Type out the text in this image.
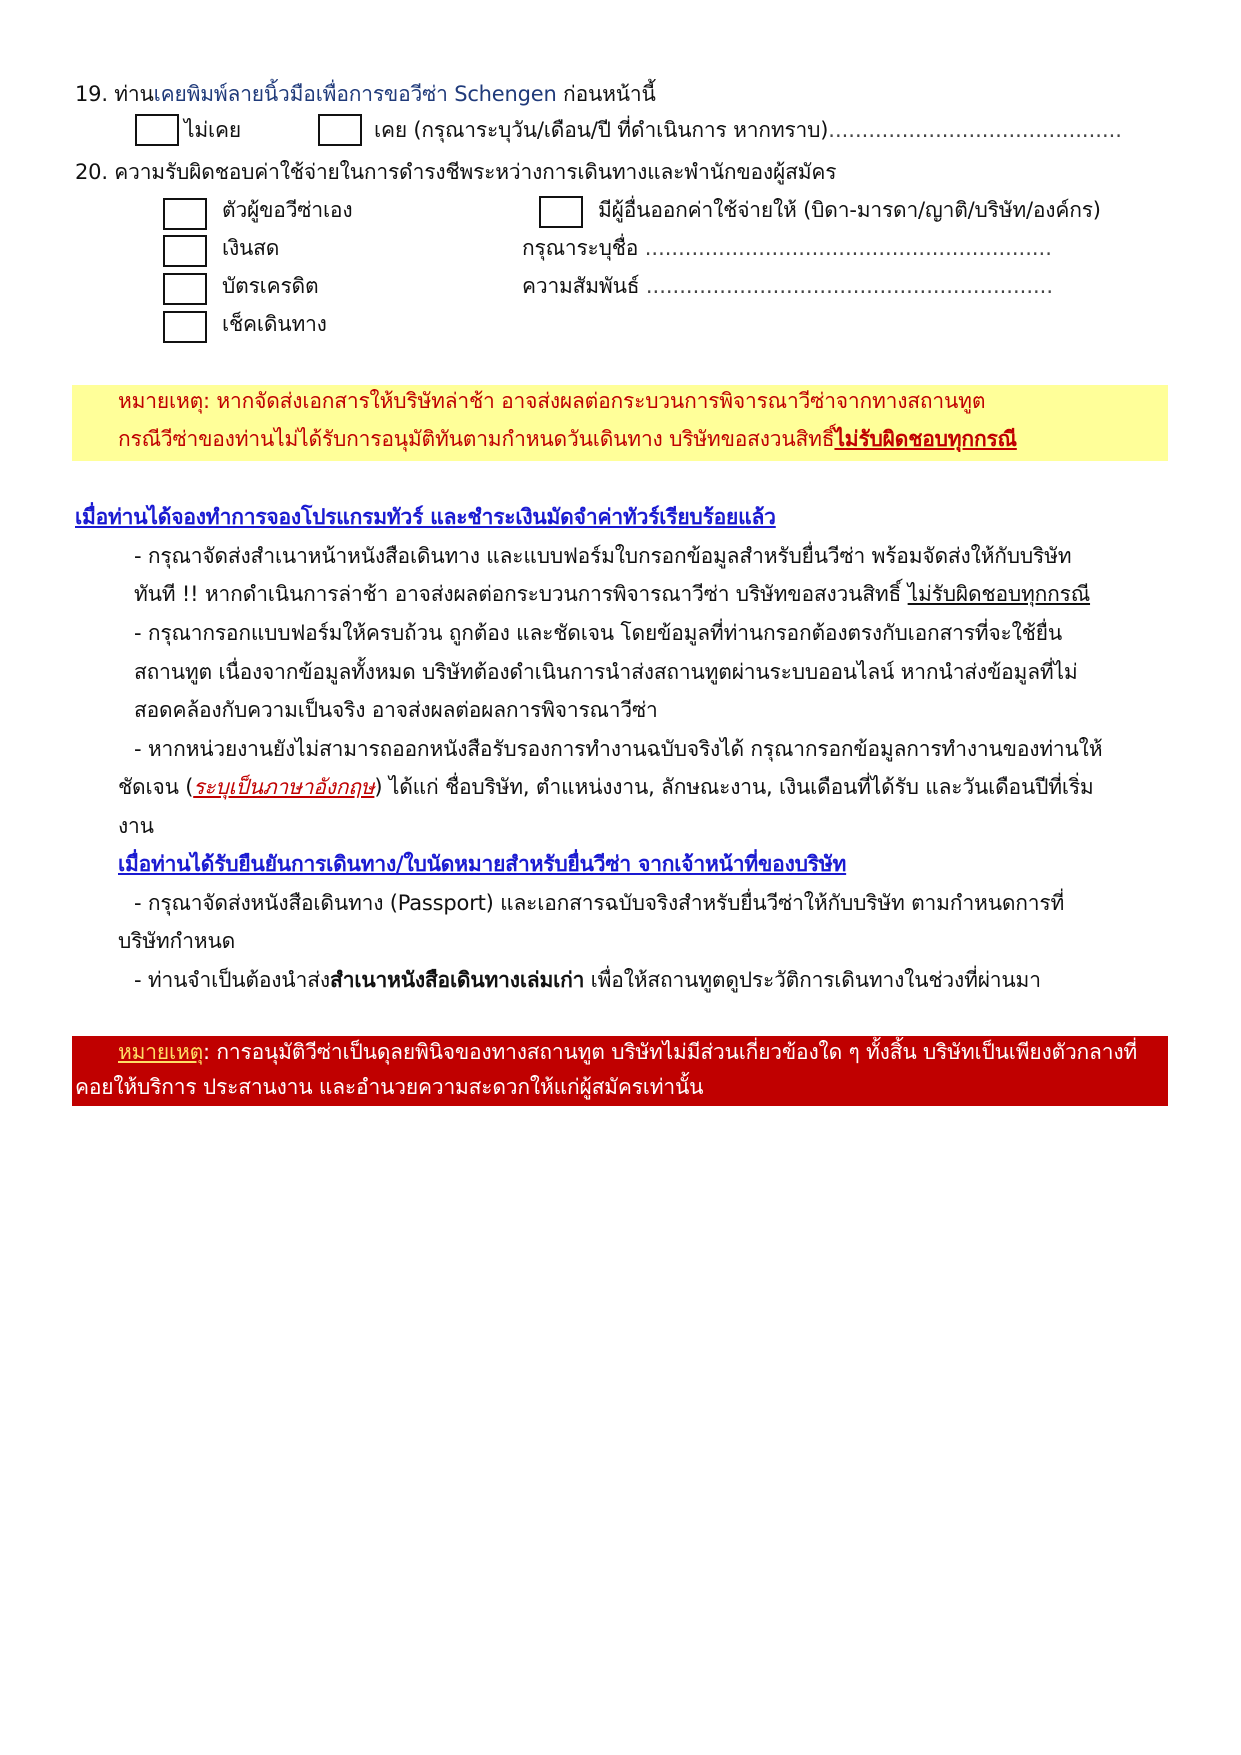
19. ท่านเคยพิมพ์ลายนิ้วมือเพื่อการขอวีซ่า Schengen ก่อนหน้านี้
ไม่เคย	เคย (กรุณาระบุวัน/เดือน/ปี ที่ดำเนินการ หากทราบ)............................................
20. ความรับผิดชอบค่าใช้จ่ายในการดำรงชีพระหว่างการเดินทางและพำนักของผู้สมัคร
ตัวผู้ขอวีซ่าเอง	มีผู้อื่นออกค่าใช้จ่ายให้ (บิดา-มารดา/ญาติ/บริษัท/องค์กร)
เงินสด	กรุณาระบุชื่อ .............................................................
บัตรเครดิต	ความสัมพันธ์ .............................................................
เช็คเดินทาง
หมายเหตุ: หากจัดส่งเอกสารให้บริษัทล่าช้า อาจส่งผลต่อกระบวนการพิจารณาวีซ่าจากทางสถานทูต
กรณีวีซ่าของท่านไม่ได้รับการอนุมัติทันตามกำหนดวันเดินทาง บริษัทขอสงวนสิทธิ์ไม่รับผิดชอบทุกกรณี
เมื่อท่านได้จองทำการจองโปรแกรมทัวร์ และชำระเงินมัดจำค่าทัวร์เรียบร้อยแล้ว
- กรุณาจัดส่งสำเนาหน้าหนังสือเดินทาง และแบบฟอร์มใบกรอกข้อมูลสำหรับยื่นวีซ่า พร้อมจัดส่งให้กับบริษัท
ทันที !! หากดำเนินการล่าช้า อาจส่งผลต่อกระบวนการพิจารณาวีซ่า บริษัทขอสงวนสิทธิ์ ไม่รับผิดชอบทุกกรณี
- กรุณากรอกแบบฟอร์มให้ครบถ้วน ถูกต้อง และชัดเจน โดยข้อมูลที่ท่านกรอกต้องตรงกับเอกสารที่จะใช้ยื่น
สถานทูต เนื่องจากข้อมูลทั้งหมด บริษัทต้องดำเนินการนำส่งสถานทูตผ่านระบบออนไลน์ หากนำส่งข้อมูลที่ไม่
สอดคล้องกับความเป็นจริง อาจส่งผลต่อผลการพิจารณาวีซ่า
- หากหน่วยงานยังไม่สามารถออกหนังสือรับรองการทำงานฉบับจริงได้ กรุณากรอกข้อมูลการทำงานของท่านให้
ชัดเจน (ระบุเป็นภาษาอังกฤษ) ได้แก่ ชื่อบริษัท, ตำแหน่งงาน, ลักษณะงาน, เงินเดือนที่ได้รับ และวันเดือนปีที่เริ่ม
งาน
เมื่อท่านได้รับยืนยันการเดินทาง/ใบนัดหมายสำหรับยื่นวีซ่า จากเจ้าหน้าที่ของบริษัท
- กรุณาจัดส่งหนังสือเดินทาง (Passport) และเอกสารฉบับจริงสำหรับยื่นวีซ่าให้กับบริษัท ตามกำหนดการที่
บริษัทกำหนด
- ท่านจำเป็นต้องนำส่งสำเนาหนังสือเดินทางเล่มเก่า เพื่อให้สถานทูตดูประวัติการเดินทางในช่วงที่ผ่านมา
หมายเหตุ: การอนุมัติวีซ่าเป็นดุลยพินิจของทางสถานทูต บริษัทไม่มีส่วนเกี่ยวข้องใด ๆ ทั้งสิ้น บริษัทเป็นเพียงตัวกลางที่
คอยให้บริการ ประสานงาน และอำนวยความสะดวกให้แก่ผู้สมัครเท่านั้น
